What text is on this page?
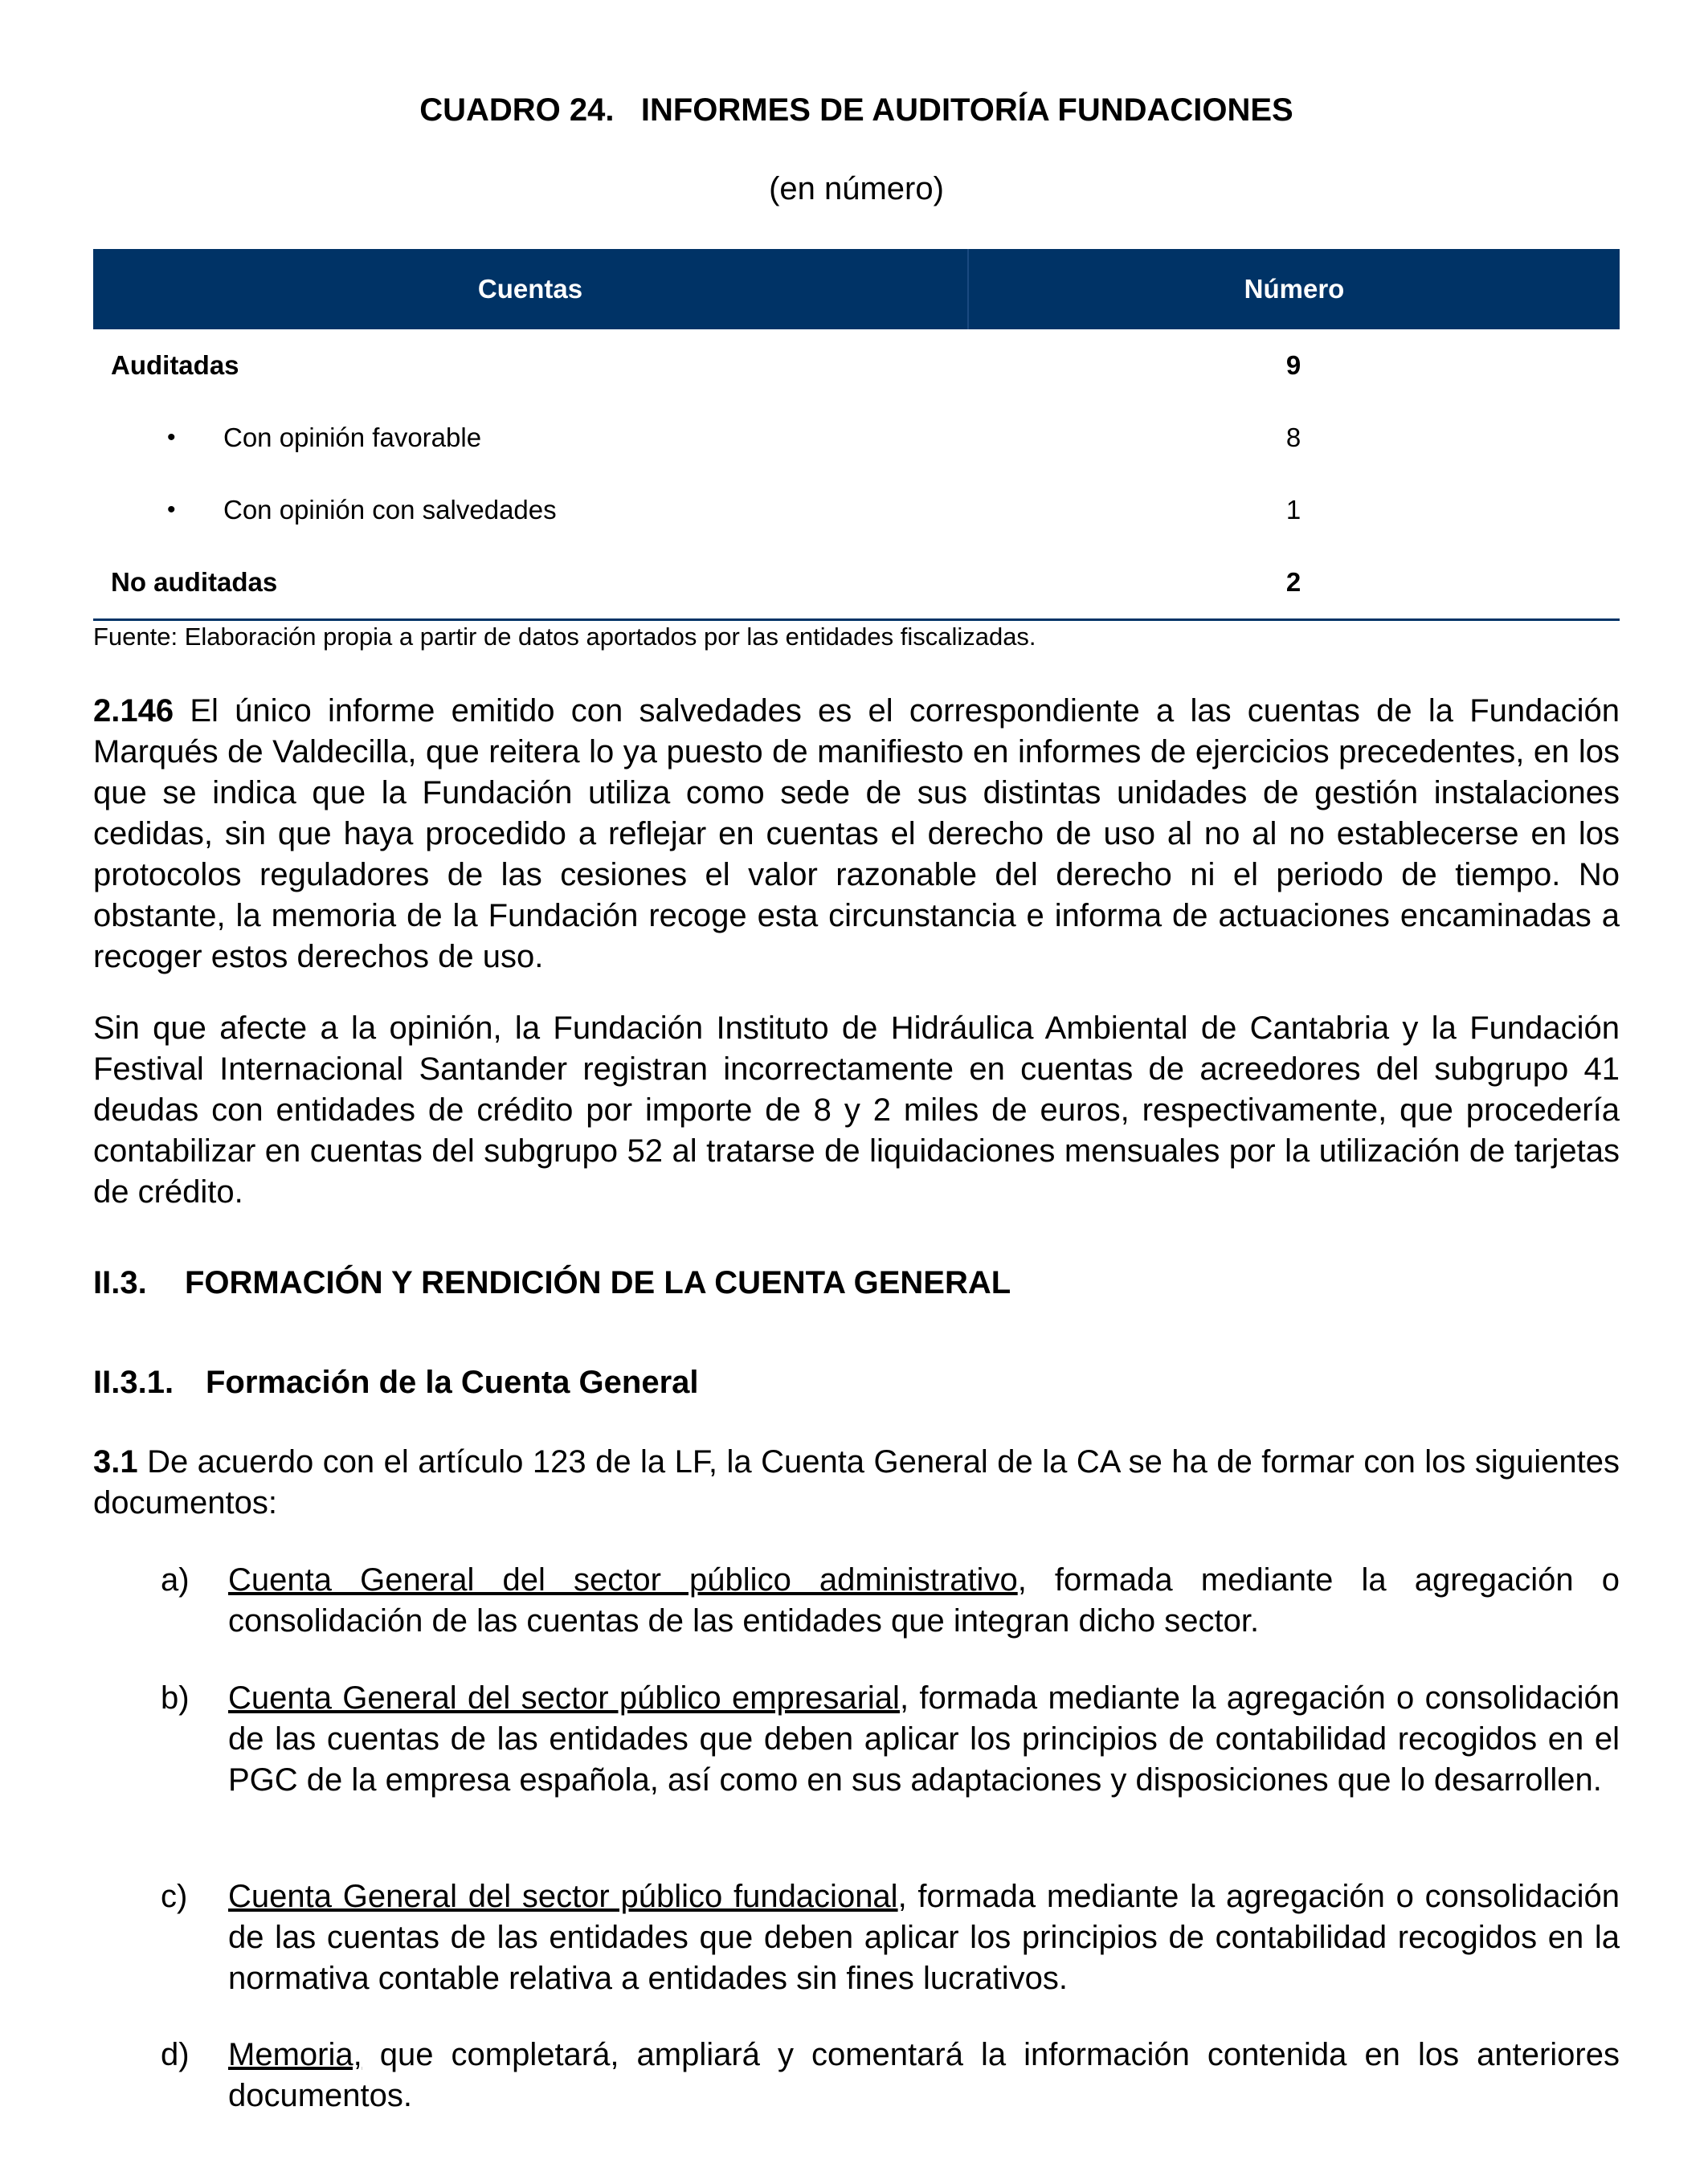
CUADRO 24.   INFORMES DE AUDITORÍA FUNDACIONES
(en número)
Cuentas	Número
Auditadas	9
•	Con opinión favorable	8
•	Con opinión con salvedades	1
No auditadas	2
Fuente: Elaboración propia a partir de datos aportados por las entidades fiscalizadas.
2.146 El único informe emitido con salvedades es el correspondiente a las cuentas de la Fundación Marqués de Valdecilla, que reitera lo ya puesto de manifiesto en informes de ejercicios precedentes, en los que se indica que la Fundación utiliza como sede de sus distintas unidades de gestión instalaciones cedidas, sin que haya procedido a reflejar en cuentas el derecho de uso al no al no establecerse en los protocolos reguladores de las cesiones el valor razonable del derecho ni el periodo de tiempo. No obstante, la memoria de la Fundación recoge esta circunstancia e informa de actuaciones encaminadas a recoger estos derechos de uso.
Sin que afecte a la opinión, la Fundación Instituto de Hidráulica Ambiental de Cantabria y la Fundación Festival Internacional Santander registran incorrectamente en cuentas de acreedores del subgrupo 41 deudas con entidades de crédito por importe de 8 y 2 miles de euros, respectivamente, que procedería contabilizar en cuentas del subgrupo 52 al tratarse de liquidaciones mensuales por la utilización de tarjetas de crédito.
II.3. FORMACIÓN Y RENDICIÓN DE LA CUENTA GENERAL
II.3.1. Formación de la Cuenta General
3.1 De acuerdo con el artículo 123 de la LF, la Cuenta General de la CA se ha de formar con los siguientes documentos:
a)	Cuenta General del sector público administrativo, formada mediante la agregación o consolidación de las cuentas de las entidades que integran dicho sector.
b)	Cuenta General del sector público empresarial, formada mediante la agregación o consolidación de las cuentas de las entidades que deben aplicar los principios de contabilidad recogidos en el PGC de la empresa española, así como en sus adaptaciones y disposiciones que lo desarrollen.
c)	Cuenta General del sector público fundacional, formada mediante la agregación o consolidación de las cuentas de las entidades que deben aplicar los principios de contabilidad recogidos en la normativa contable relativa a entidades sin fines lucrativos.
d)	Memoria, que completará, ampliará y comentará la información contenida en los anteriores documentos.
